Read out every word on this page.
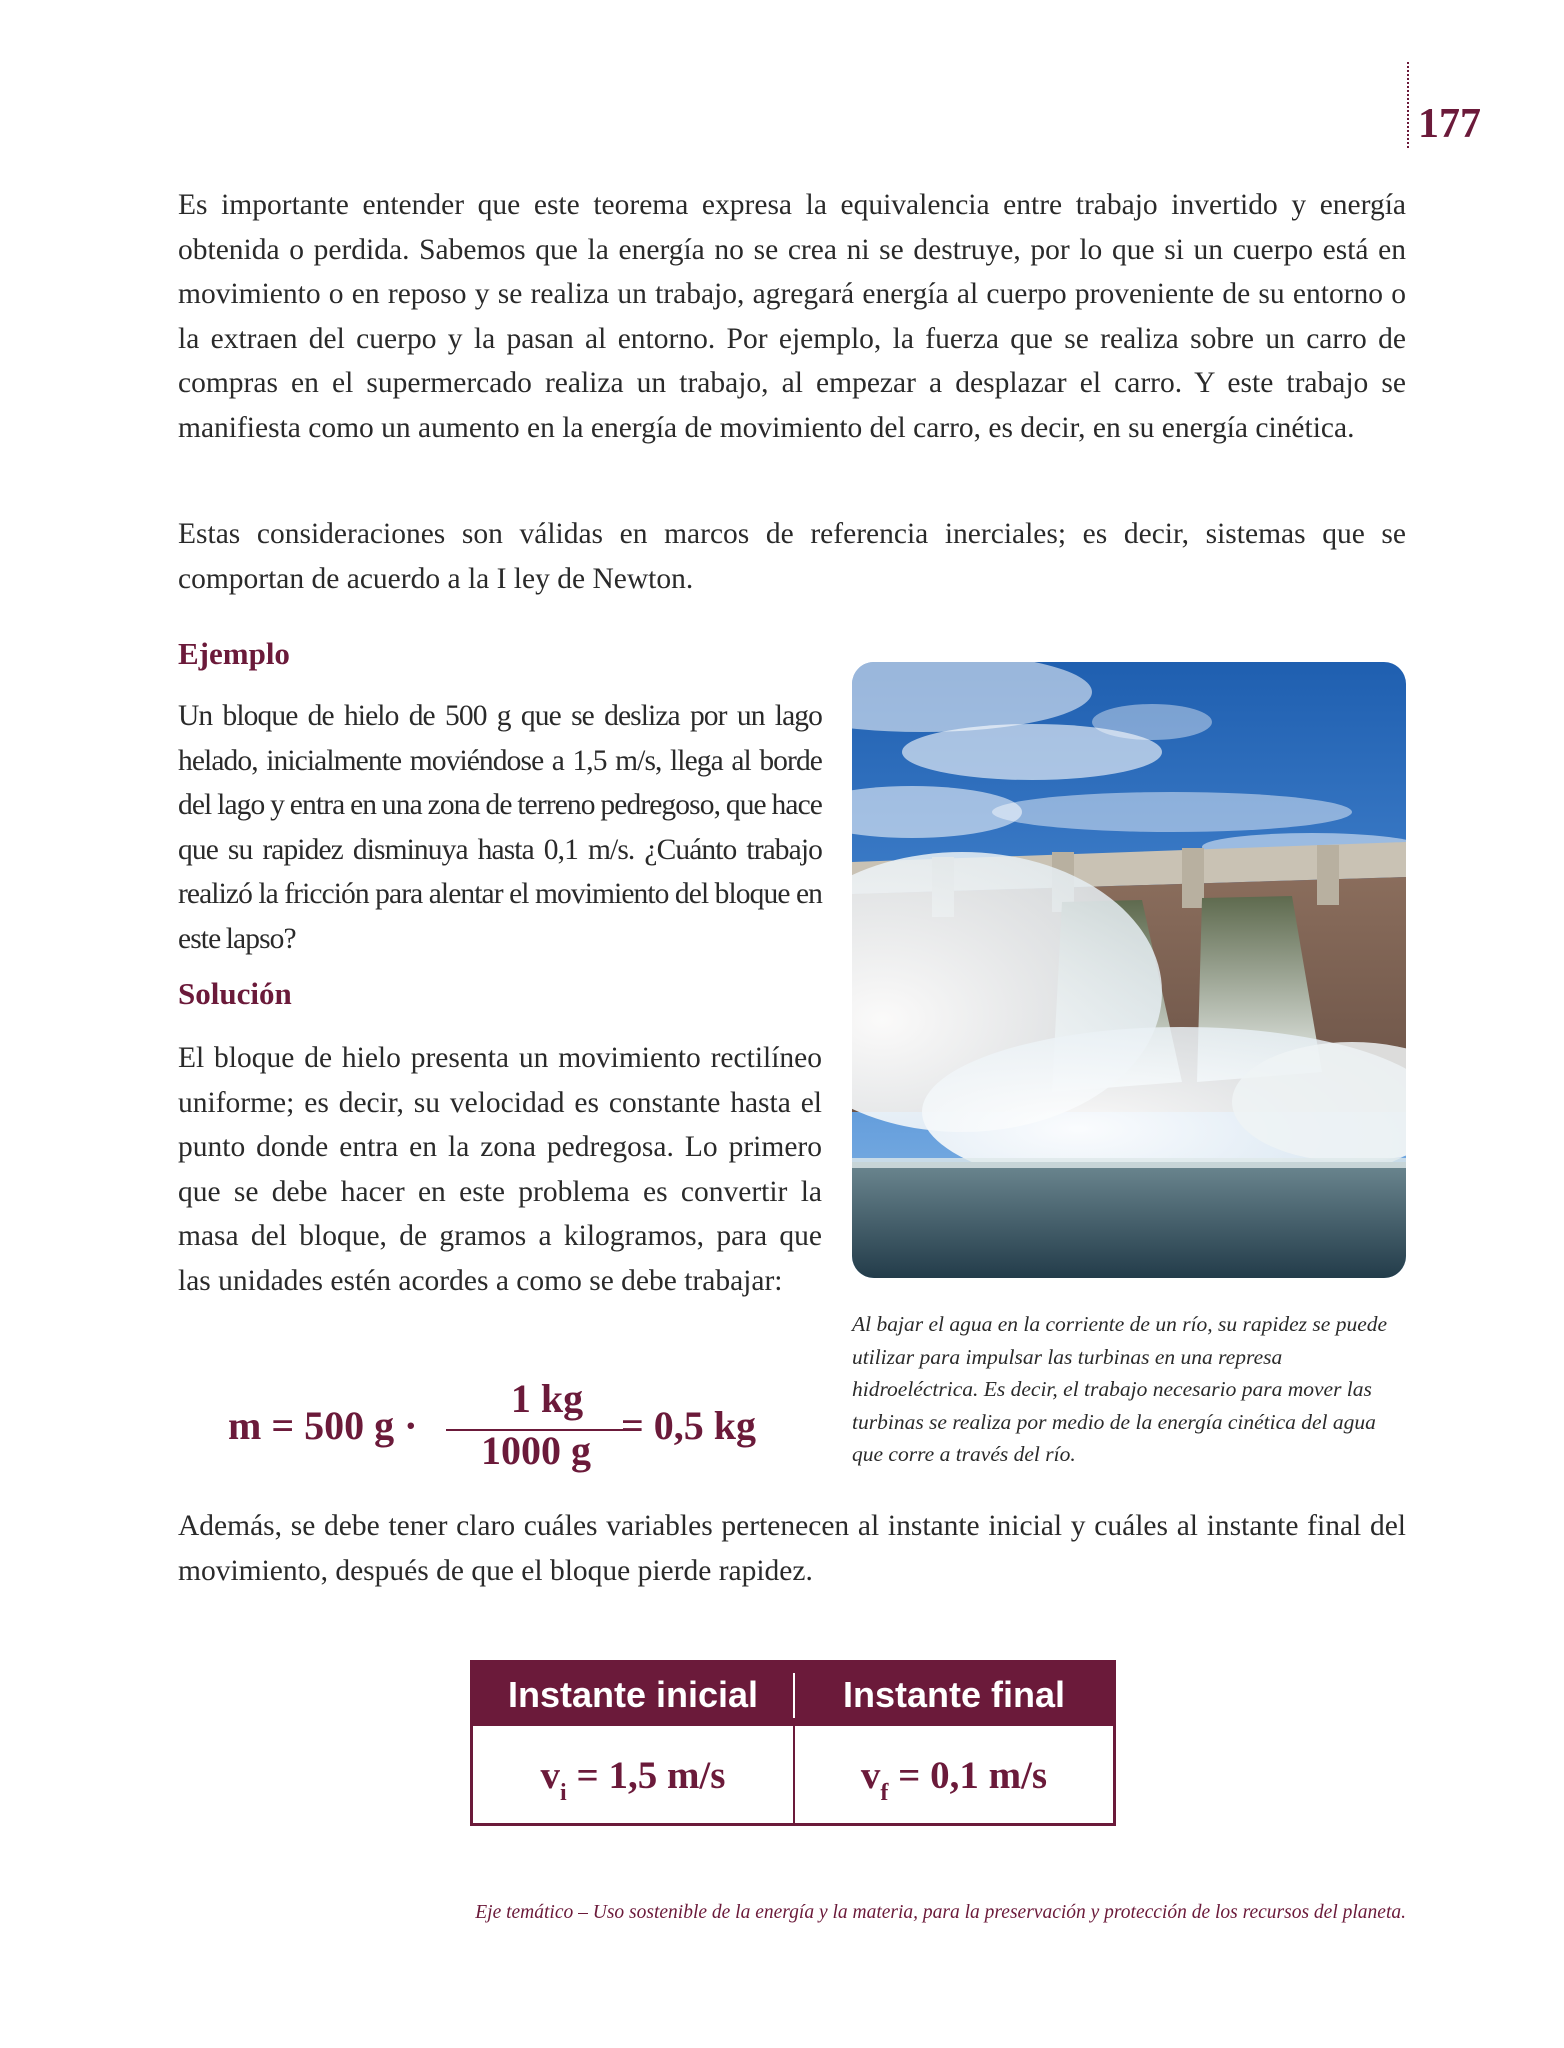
177

Es importante entender que este teorema expresa la equivalencia entre trabajo invertido y energía obtenida o perdida. Sabemos que la energía no se crea ni se destruye, por lo que si un cuerpo está en movimiento o en reposo y se realiza un trabajo, agregará energía al cuerpo proveniente de su entorno o la extraen del cuerpo y la pasan al entorno. Por ejemplo, la fuerza que se realiza sobre un carro de compras en el supermercado realiza un trabajo, al empezar a desplazar el carro. Y este trabajo se manifiesta como un aumento en la energía de movimiento del carro, es decir, en su energía cinética.

Estas consideraciones son válidas en marcos de referencia inerciales; es decir, sistemas que se comportan de acuerdo a la I ley de Newton.

Ejemplo

Un bloque de hielo de 500 g que se desliza por un lago helado, inicialmente moviéndose a 1,5 m/s, llega al borde del lago y entra en una zona de terreno pedregoso, que hace que su rapidez disminuya hasta 0,1 m/s. ¿Cuánto trabajo realizó la fricción para alentar el movimiento del bloque en este lapso?

Solución

El bloque de hielo presenta un movimiento rectilíneo uniforme; es decir, su velocidad es constante hasta el punto donde entra en la zona pedregosa. Lo primero que se debe hacer en este problema es convertir la masa del bloque, de gramos a kilogramos, para que las unidades estén acordes a como se debe trabajar:

m = 500 g ·
1 kg
1000 g
= 0,5 kg
Al bajar el agua en la corriente de un río, su rapidez se puede utilizar para impulsar las turbinas en una represa hidroeléctrica. Es decir, el trabajo necesario para mover las turbinas se realiza por medio de la energía cinética del agua que corre a través del río.

Además, se debe tener claro cuáles variables pertenecen al instante inicial y cuáles al instante final del movimiento, después de que el bloque pierde rapidez.

Instante inicial	Instante final
$v_i = 1,5$ m/s	$v_f = 0,1$ m/s
Eje temático – Uso sostenible de la energía y la materia, para la preservación y protección de los recursos del planeta.
